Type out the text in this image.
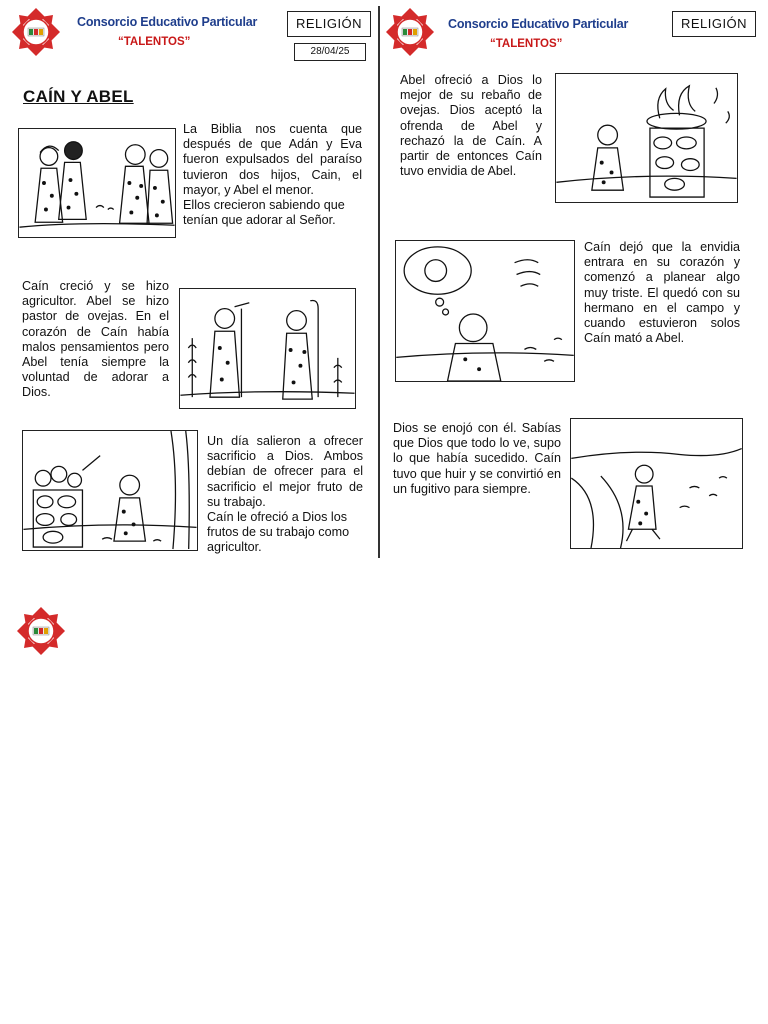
Consorcio Educativo Particular
“TALENTOS”
RELIGIÓN
28/04/25
Consorcio Educativo Particular
“TALENTOS”
RELIGIÓN
CAÍN Y ABEL
La Biblia nos cuenta que después de que Adán y Eva fueron expulsados del paraíso tuvieron dos hijos, Cain, el mayor, y Abel el menor.
Ellos crecieron sabiendo que tenían que adorar al Señor.
Caín creció y se hizo agricultor. Abel se hizo pastor de ovejas. En el corazón de Caín había malos pensamientos pero Abel tenía siempre la voluntad de adorar a Dios.
Un día salieron a ofrecer sacrificio a Dios. Ambos debían de ofrecer para el sacrificio el mejor fruto de su trabajo.
Caín le ofreció a Dios los frutos de su trabajo como agricultor.
Abel ofreció a Dios lo mejor de su rebaño de ovejas. Dios aceptó la ofrenda de Abel y rechazó la de Caín. A partir de entonces Caín tuvo envidia de Abel.
Caín dejó que la envidia entrara en su corazón y comenzó a planear algo muy triste. El quedó con su hermano en el campo y cuando estuvieron solos Caín mató a Abel.
Dios se enojó con él. Sabías que Dios que todo lo ve, supo lo que había sucedido. Caín tuvo que huir y se convirtió en un fugitivo para siempre.
